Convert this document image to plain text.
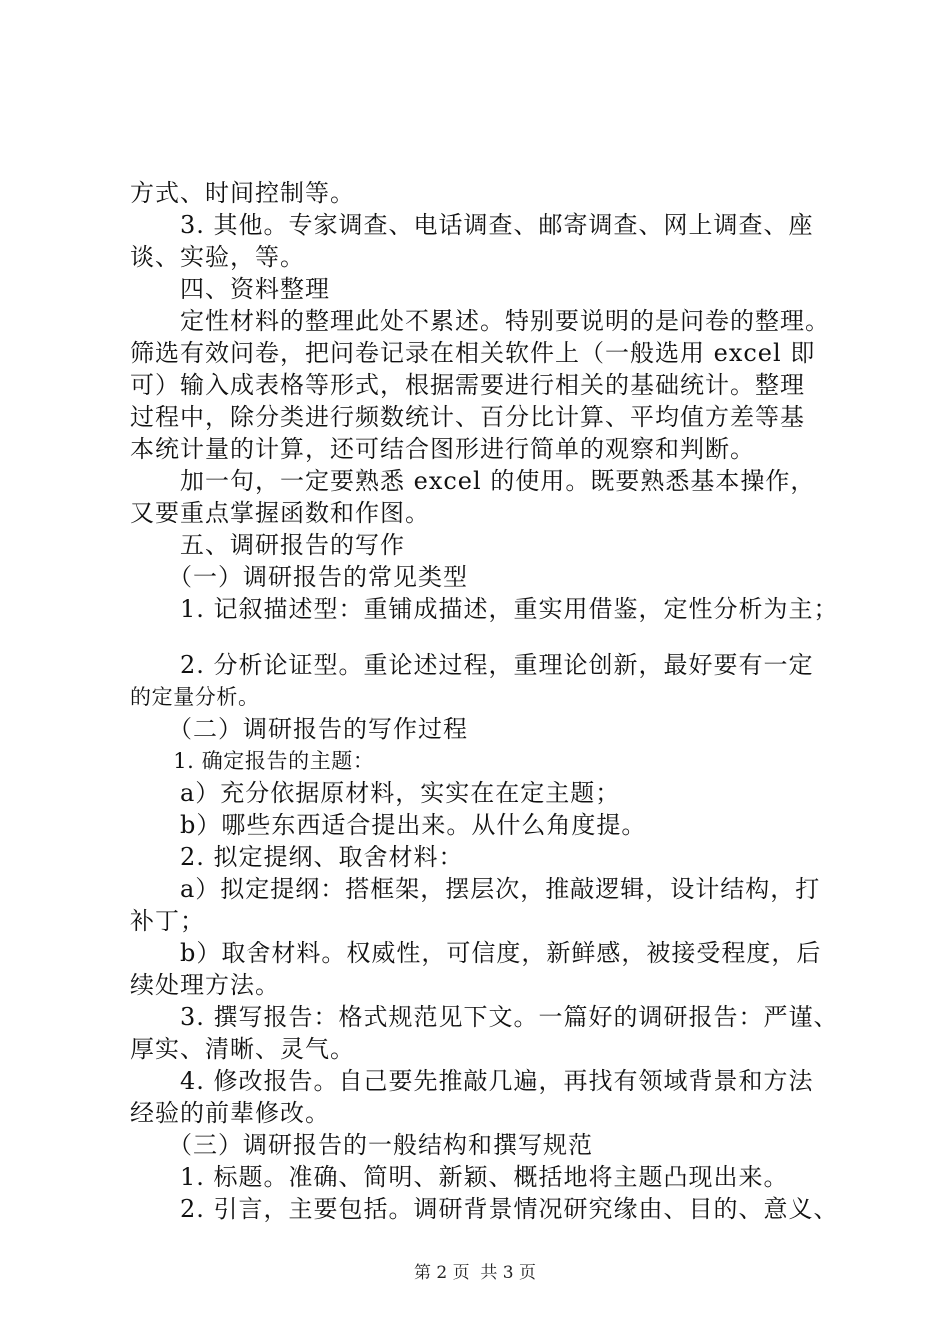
方式、时间控制等。
　　3. 其他。专家调查、电话调查、邮寄调查、网上调查、座
谈、实验，等。
　　四、资料整理
　　定性材料的整理此处不累述。特别要说明的是问卷的整理。
筛选有效问卷，把问卷记录在相关软件上（一般选用 excel 即
可）输入成表格等形式，根据需要进行相关的基础统计。整理
过程中，除分类进行频数统计、百分比计算、平均值方差等基
本统计量的计算，还可结合图形进行简单的观察和判断。
　　加一句，一定要熟悉 excel 的使用。既要熟悉基本操作，
又要重点掌握函数和作图。
　　五、调研报告的写作
　　（一）调研报告的常见类型
　　1. 记叙描述型：重铺成描述，重实用借鉴，定性分析为主；
　　2. 分析论证型。重论述过程，重理论创新，最好要有一定
的定量分析。
　　（二）调研报告的写作过程
　　1. 确定报告的主题：
　　a）充分依据原材料，实实在在定主题；
　　b）哪些东西适合提出来。从什么角度提。
　　2. 拟定提纲、取舍材料：
　　a）拟定提纲：搭框架，摆层次，推敲逻辑，设计结构，打
补丁；
　　b）取舍材料。权威性，可信度，新鲜感，被接受程度，后
续处理方法。
　　3. 撰写报告：格式规范见下文。一篇好的调研报告：严谨、
厚实、清晰、灵气。
　　4. 修改报告。自己要先推敲几遍，再找有领域背景和方法
经验的前辈修改。
　　（三）调研报告的一般结构和撰写规范
　　1. 标题。准确、简明、新颖、概括地将主题凸现出来。
　　2. 引言，主要包括。调研背景情况研究缘由、目的、意义、
第 2 页  共 3 页
